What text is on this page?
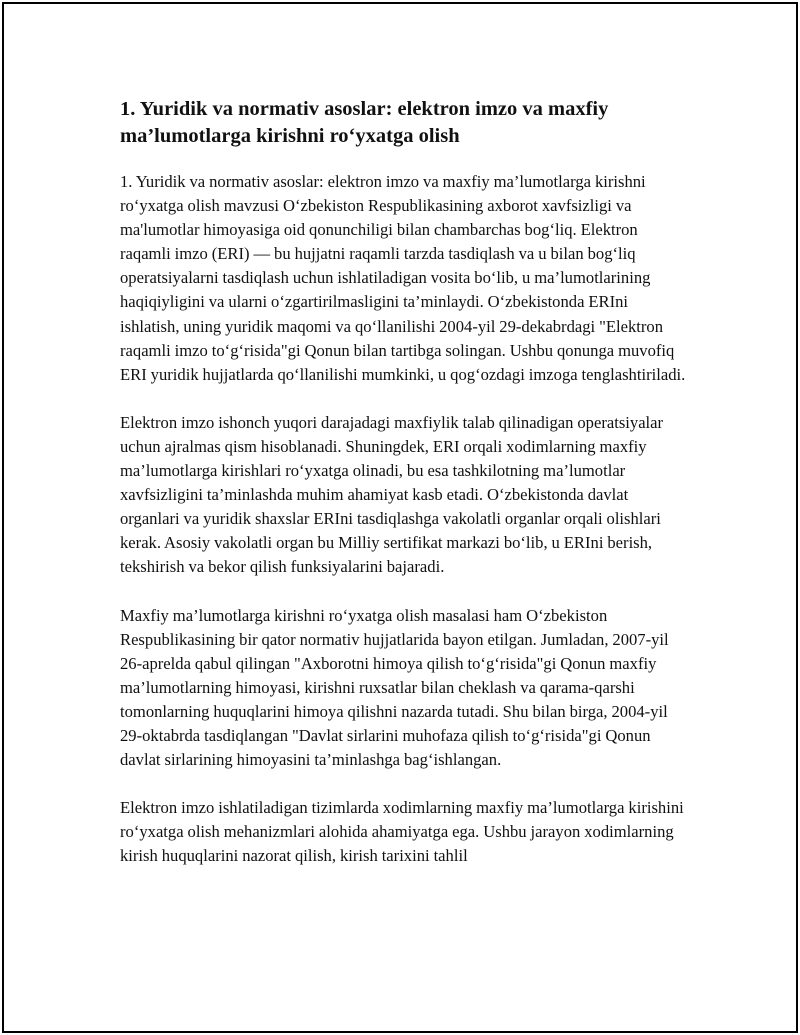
1. Yuridik va normativ asoslar: elektron imzo va maxfiy ma’lumotlarga kirishni ro‘yxatga olish

1. Yuridik va normativ asoslar: elektron imzo va maxfiy ma’lumotlarga kirishni ro‘yxatga olish mavzusi O‘zbekiston Respublikasining axborot xavfsizligi va ma'lumotlar himoyasiga oid qonunchiligi bilan chambarchas bog‘liq. Elektron raqamli imzo (ERI) — bu hujjatni raqamli tarzda tasdiqlash va u bilan bog‘liq operatsiyalarni tasdiqlash uchun ishlatiladigan vosita bo‘lib, u ma’lumotlarining haqiqiyligini va ularni o‘zgartirilmasligini ta’minlaydi. O‘zbekistonda ERIni ishlatish, uning yuridik maqomi va qo‘llanilishi 2004-yil 29-dekabrdagi "Elektron raqamli imzo to‘g‘risida"gi Qonun bilan tartibga solingan. Ushbu qonunga muvofiq ERI yuridik hujjatlarda qo‘llanilishi mumkinki, u qog‘ozdagi imzoga tenglashtiriladi.

Elektron imzo ishonch yuqori darajadagi maxfiylik talab qilinadigan operatsiyalar uchun ajralmas qism hisoblanadi. Shuningdek, ERI orqali xodimlarning maxfiy ma’lumotlarga kirishlari ro‘yxatga olinadi, bu esa tashkilotning ma’lumotlar xavfsizligini ta’minlashda muhim ahamiyat kasb etadi. O‘zbekistonda davlat organlari va yuridik shaxslar ERIni tasdiqlashga vakolatli organlar orqali olishlari kerak. Asosiy vakolatli organ bu Milliy sertifikat markazi bo‘lib, u ERIni berish, tekshirish va bekor qilish funksiyalarini bajaradi.

Maxfiy ma’lumotlarga kirishni ro‘yxatga olish masalasi ham O‘zbekiston Respublikasining bir qator normativ hujjatlarida bayon etilgan. Jumladan, 2007-yil 26-aprelda qabul qilingan "Axborotni himoya qilish to‘g‘risida"gi Qonun maxfiy ma’lumotlarning himoyasi, kirishni ruxsatlar bilan cheklash va qarama-qarshi tomonlarning huquqlarini himoya qilishni nazarda tutadi. Shu bilan birga, 2004-yil 29-oktabrda tasdiqlangan "Davlat sirlarini muhofaza qilish to‘g‘risida"gi Qonun davlat sirlarining himoyasini ta’minlashga bag‘ishlangan.

Elektron imzo ishlatiladigan tizimlarda xodimlarning maxfiy ma’lumotlarga kirishini ro‘yxatga olish mehanizmlari alohida ahamiyatga ega. Ushbu jarayon xodimlarning kirish huquqlarini nazorat qilish, kirish tarixini tahlil
